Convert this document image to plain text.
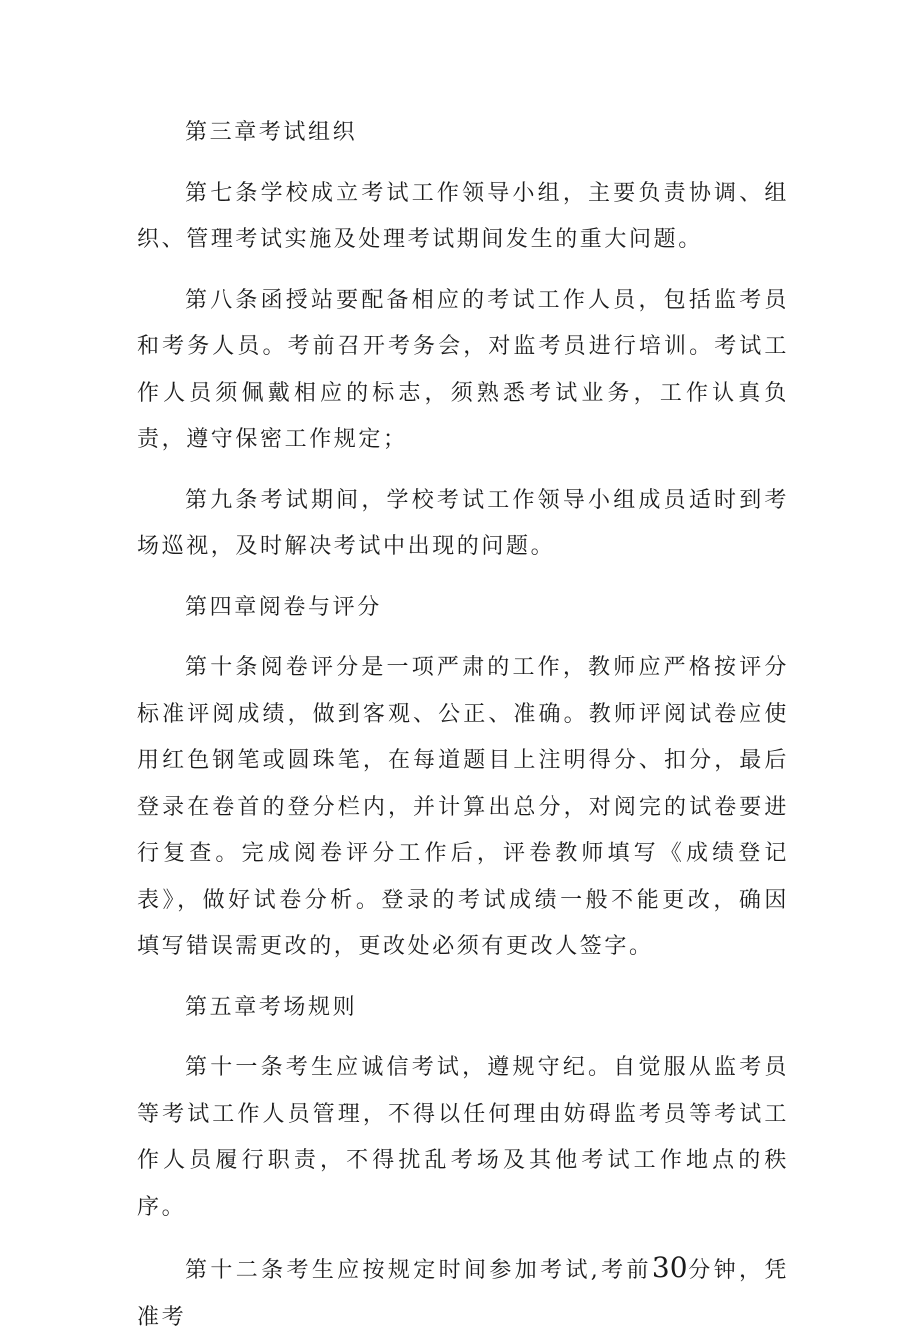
第三章考试组织

第七条学校成立考试工作领导小组，主要负责协调、组织、管理考试实施及处理考试期间发生的重大问题。

第八条函授站要配备相应的考试工作人员，包括监考员和考务人员。考前召开考务会，对监考员进行培训。考试工作人员须佩戴相应的标志，须熟悉考试业务，工作认真负责，遵守保密工作规定；

第九条考试期间，学校考试工作领导小组成员适时到考场巡视，及时解决考试中出现的问题。

第四章阅卷与评分

第十条阅卷评分是一项严肃的工作，教师应严格按评分标准评阅成绩，做到客观、公正、准确。教师评阅试卷应使用红色钢笔或圆珠笔，在每道题目上注明得分、扣分，最后登录在卷首的登分栏内，并计算出总分，对阅完的试卷要进行复查。完成阅卷评分工作后，评卷教师填写《成绩登记表》，做好试卷分析。登录的考试成绩一般不能更改，确因填写错误需更改的，更改处必须有更改人签字。

第五章考场规则

第十一条考生应诚信考试，遵规守纪。自觉服从监考员等考试工作人员管理，不得以任何理由妨碍监考员等考试工作人员履行职责，不得扰乱考场及其他考试工作地点的秩序。

第十二条考生应按规定时间参加考试,考前30分钟，凭准考
